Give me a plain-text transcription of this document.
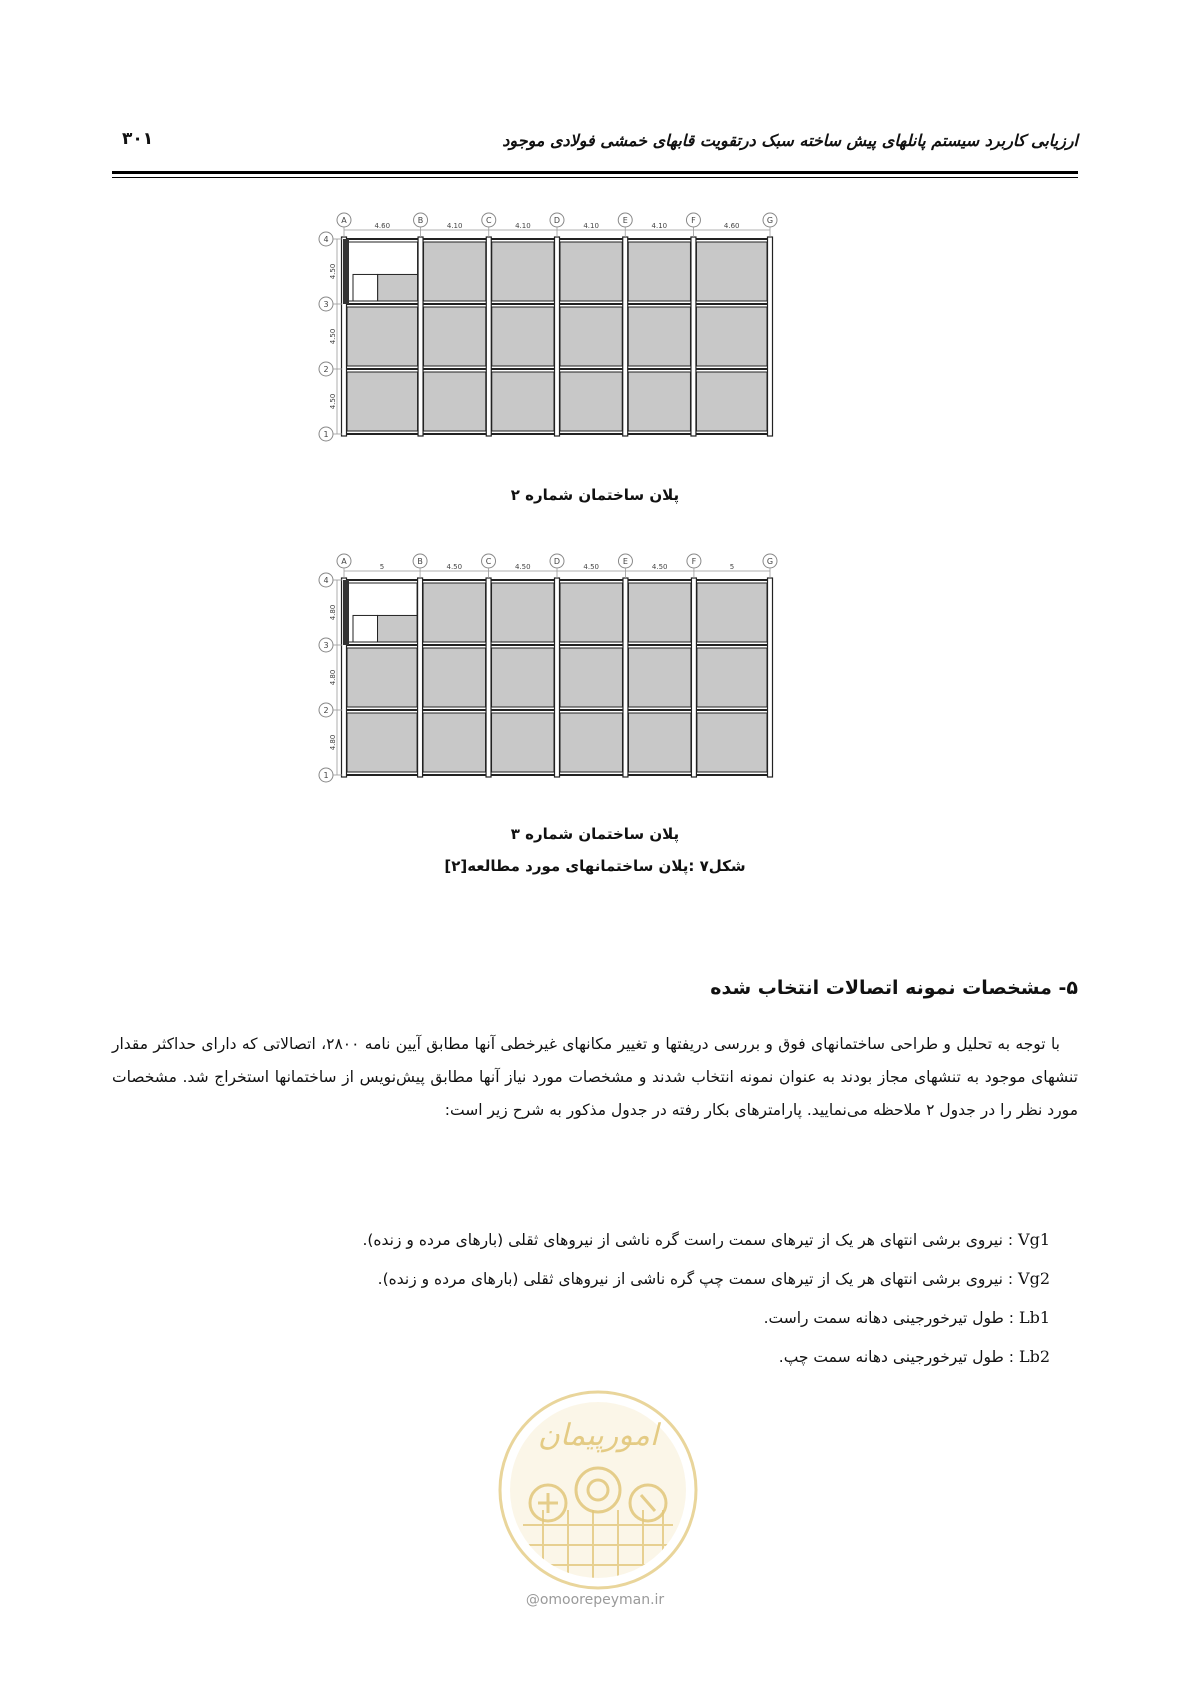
ارزیابی کاربرد سیستم پانلهای پیش ساخته سبک درتقویت قابهای خمشی فولادی موجود
۳۰۱
A	B	C	D	E	F	G
4.60	4.10	4.10	4.10	4.10	4.60
4
3
2
1
4.50
4.50
4.50
پلان ساختمان شماره ۲
A	B	C	D	E	F	G
5	4.50	4.50	4.50	4.50	5
4
3
2
1
4.80
4.80
4.80
پلان ساختمان شماره ۳
شکل۷ :پلان ساختمانهای مورد مطالعه[۲]
۵- مشخصات نمونه اتصالات انتخاب شده

با توجه به تحلیل و طراحی ساختمانهای فوق و بررسی دریفتها و تغییر مکانهای غیرخطی آنها مطابق آیین نامه ۲۸۰۰، اتصالاتی که دارای حداکثر مقدار تنشهای موجود به تنشهای مجاز بودند به عنوان نمونه انتخاب شدند و مشخصات مورد نیاز آنها مطابق پیش‌نویس از ساختمانها استخراج شد. مشخصات مورد نظر را در جدول ۲ ملاحظه می‌نمایید. پارامترهای بکار رفته در جدول مذکور به شرح زیر است:

Vg1 : نیروی برشی انتهای هر یک از تیرهای سمت راست گره ناشی از نیروهای ثقلی (بارهای مرده و زنده).
Vg2 : نیروی برشی انتهای هر یک از تیرهای سمت چپ گره ناشی از نیروهای ثقلی (بارهای مرده و زنده).
Lb1 : طول تیرخورجینی دهانه سمت راست.
Lb2 : طول تیرخورجینی دهانه سمت چپ.
امورپیمان
@omoorepeyman.ir
